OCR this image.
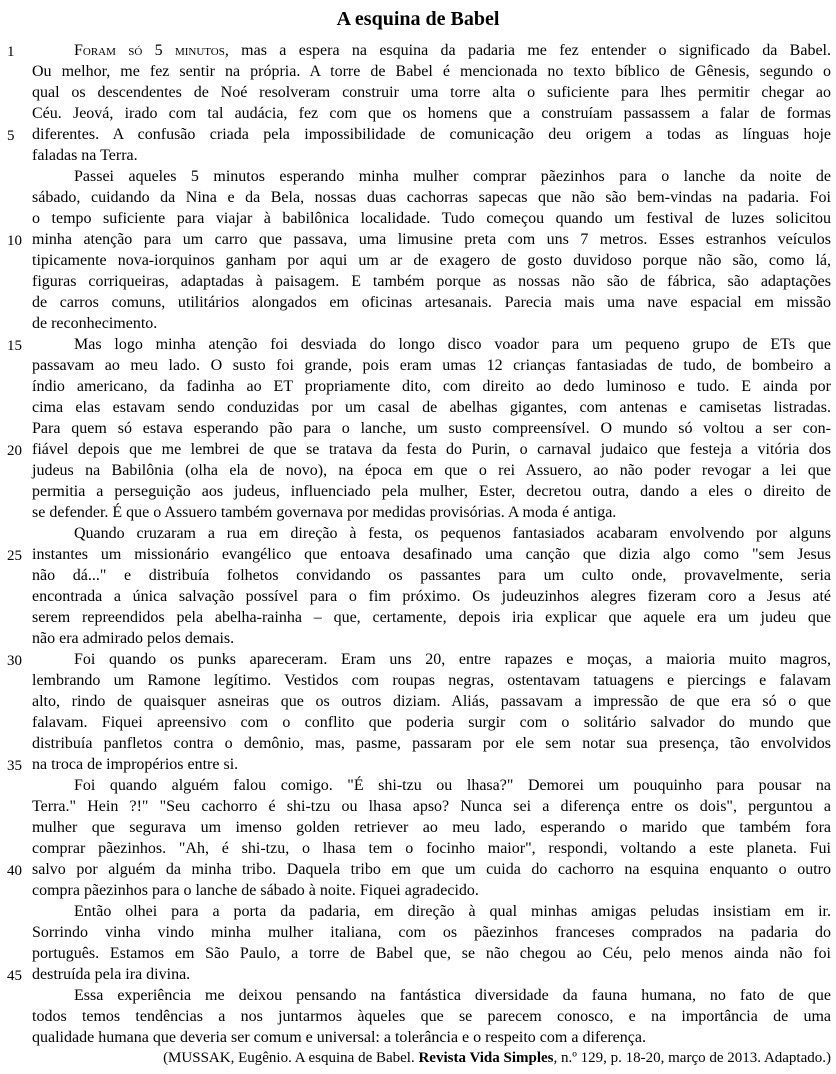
A esquina de Babel
1	Foram só 5 minutos, mas a espera na esquina da padaria me fez entender o significado da Babel.
Ou melhor, me fez sentir na própria. A torre de Babel é mencionada no texto bíblico de Gênesis, segundo o
qual os descendentes de Noé resolveram construir uma torre alta o suficiente para lhes permitir chegar ao
Céu. Jeová, irado com tal audácia, fez com que os homens que a construíam passassem a falar de formas
5	diferentes. A confusão criada pela impossibilidade de comunicação deu origem a todas as línguas hoje
faladas na Terra.
Passei aqueles 5 minutos esperando minha mulher comprar pãezinhos para o lanche da noite de
sábado, cuidando da Nina e da Bela, nossas duas cachorras sapecas que não são bem-vindas na padaria. Foi
o tempo suficiente para viajar à babilônica localidade. Tudo começou quando um festival de luzes solicitou
10 minha atenção para um carro que passava, uma limusine preta com uns 7 metros. Esses estranhos veículos
tipicamente nova-iorquinos ganham por aqui um ar de exagero de gosto duvidoso porque não são, como lá,
figuras corriqueiras, adaptadas à paisagem. E também porque as nossas não são de fábrica, são adaptações
de carros comuns, utilitários alongados em oficinas artesanais. Parecia mais uma nave espacial em missão
de reconhecimento.
15	Mas logo minha atenção foi desviada do longo disco voador para um pequeno grupo de ETs que
passavam ao meu lado. O susto foi grande, pois eram umas 12 crianças fantasiadas de tudo, de bombeiro a
índio americano, da fadinha ao ET propriamente dito, com direito ao dedo luminoso e tudo. E ainda por
cima elas estavam sendo conduzidas por um casal de abelhas gigantes, com antenas e camisetas listradas.
Para quem só estava esperando pão para o lanche, um susto compreensível. O mundo só voltou a ser con-
20 fiável depois que me lembrei de que se tratava da festa do Purin, o carnaval judaico que festeja a vitória dos
judeus na Babilônia (olha ela de novo), na época em que o rei Assuero, ao não poder revogar a lei que
permitia a perseguição aos judeus, influenciado pela mulher, Ester, decretou outra, dando a eles o direito de
se defender. É que o Assuero também governava por medidas provisórias. A moda é antiga.
Quando cruzaram a rua em direção à festa, os pequenos fantasiados acabaram envolvendo por alguns
25 instantes um missionário evangélico que entoava desafinado uma canção que dizia algo como "sem Jesus
não dá..." e distribuía folhetos convidando os passantes para um culto onde, provavelmente, seria
encontrada a única salvação possível para o fim próximo. Os judeuzinhos alegres fizeram coro a Jesus até
serem repreendidos pela abelha-rainha – que, certamente, depois iria explicar que aquele era um judeu que
não era admirado pelos demais.
30	Foi quando os punks apareceram. Eram uns 20, entre rapazes e moças, a maioria muito magros,
lembrando um Ramone legítimo. Vestidos com roupas negras, ostentavam tatuagens e piercings e falavam
alto, rindo de quaisquer asneiras que os outros diziam. Aliás, passavam a impressão de que era só o que
falavam. Fiquei apreensivo com o conflito que poderia surgir com o solitário salvador do mundo que
distribuía panfletos contra o demônio, mas, pasme, passaram por ele sem notar sua presença, tão envolvidos
35 na troca de impropérios entre si.
Foi quando alguém falou comigo. "É shi-tzu ou lhasa?" Demorei um pouquinho para pousar na
Terra." Hein ?!" "Seu cachorro é shi-tzu ou lhasa apso? Nunca sei a diferença entre os dois", perguntou a
mulher que segurava um imenso golden retriever ao meu lado, esperando o marido que também fora
comprar pãezinhos. "Ah, é shi-tzu, o lhasa tem o focinho maior", respondi, voltando a este planeta. Fui
40 salvo por alguém da minha tribo. Daquela tribo em que um cuida do cachorro na esquina enquanto o outro
compra pãezinhos para o lanche de sábado à noite. Fiquei agradecido.
Então olhei para a porta da padaria, em direção à qual minhas amigas peludas insistiam em ir.
Sorrindo vinha vindo minha mulher italiana, com os pãezinhos franceses comprados na padaria do
português. Estamos em São Paulo, a torre de Babel que, se não chegou ao Céu, pelo menos ainda não foi
45 destruída pela ira divina.
Essa experiência me deixou pensando na fantástica diversidade da fauna humana, no fato de que
todos temos tendências a nos juntarmos àqueles que se parecem conosco, e na importância de uma
qualidade humana que deveria ser comum e universal: a tolerância e o respeito com a diferença.
(MUSSAK, Eugênio. A esquina de Babel. Revista Vida Simples, n.º 129, p. 18-20, março de 2013. Adaptado.)
